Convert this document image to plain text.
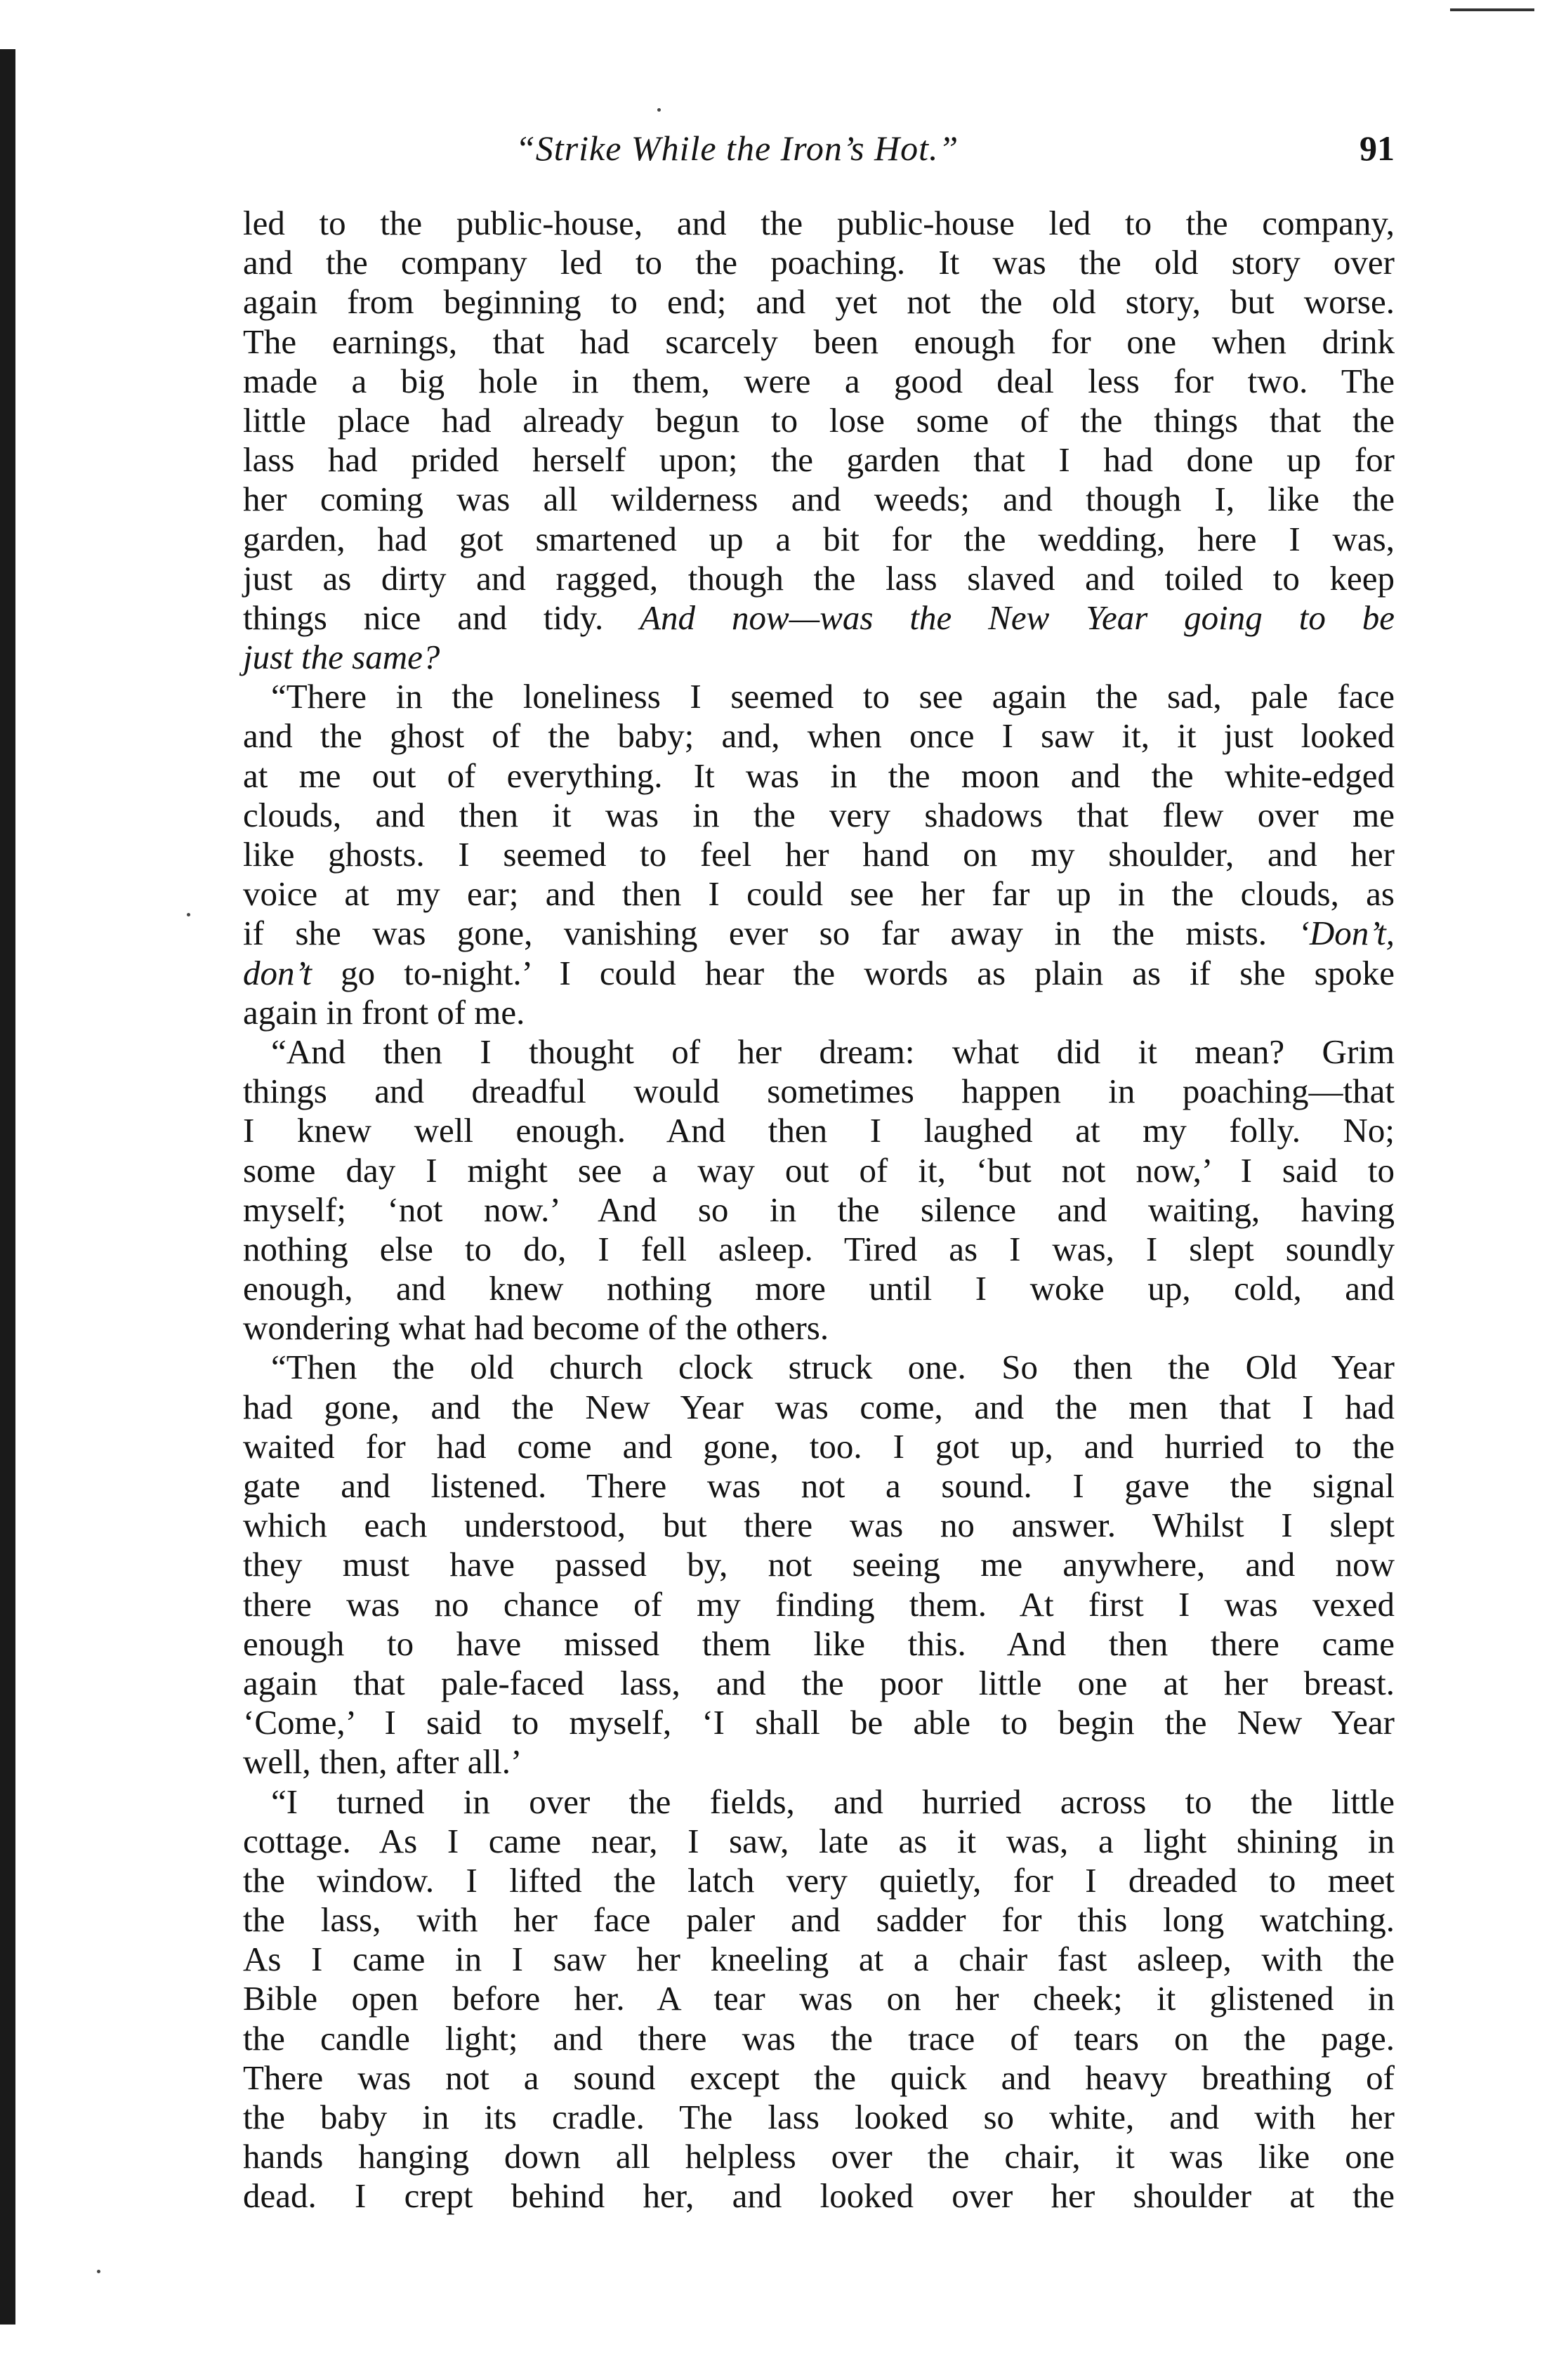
“Strike While the Iron’s Hot.”	91
led to the public-house, and the public-house led to the company,
and the company led to the poaching. It was the old story over
again from beginning to end; and yet not the old story, but worse.
The earnings, that had scarcely been enough for one when drink
made a big hole in them, were a good deal less for two. The
little place had already begun to lose some of the things that the
lass had prided herself upon; the garden that I had done up for
her coming was all wilderness and weeds; and though I, like the
garden, had got smartened up a bit for the wedding, here I was,
just as dirty and ragged, though the lass slaved and toiled to keep
things nice and tidy. And now—was the New Year going to be
just the same?
“There in the loneliness I seemed to see again the sad, pale face
and the ghost of the baby; and, when once I saw it, it just looked
at me out of everything. It was in the moon and the white-edged
clouds, and then it was in the very shadows that flew over me
like ghosts. I seemed to feel her hand on my shoulder, and her
voice at my ear; and then I could see her far up in the clouds, as
if she was gone, vanishing ever so far away in the mists. ‘Don’t,
don’t go to-night.’ I could hear the words as plain as if she spoke
again in front of me.
“And then I thought of her dream: what did it mean? Grim
things and dreadful would sometimes happen in poaching—that
I knew well enough. And then I laughed at my folly. No;
some day I might see a way out of it, ‘but not now,’ I said to
myself; ‘not now.’ And so in the silence and waiting, having
nothing else to do, I fell asleep. Tired as I was, I slept soundly
enough, and knew nothing more until I woke up, cold, and
wondering what had become of the others.
“Then the old church clock struck one. So then the Old Year
had gone, and the New Year was come, and the men that I had
waited for had come and gone, too. I got up, and hurried to the
gate and listened. There was not a sound. I gave the signal
which each understood, but there was no answer. Whilst I slept
they must have passed by, not seeing me anywhere, and now
there was no chance of my finding them. At first I was vexed
enough to have missed them like this. And then there came
again that pale-faced lass, and the poor little one at her breast.
‘Come,’ I said to myself, ‘I shall be able to begin the New Year
well, then, after all.’
“I turned in over the fields, and hurried across to the little
cottage. As I came near, I saw, late as it was, a light shining in
the window. I lifted the latch very quietly, for I dreaded to meet
the lass, with her face paler and sadder for this long watching.
As I came in I saw her kneeling at a chair fast asleep, with the
Bible open before her. A tear was on her cheek; it glistened in
the candle light; and there was the trace of tears on the page.
There was not a sound except the quick and heavy breathing of
the baby in its cradle. The lass looked so white, and with her
hands hanging down all helpless over the chair, it was like one
dead. I crept behind her, and looked over her shoulder at the
